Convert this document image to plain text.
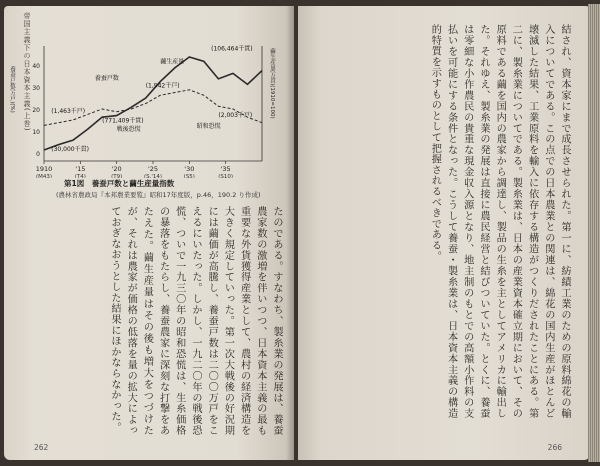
帝国主義下の日本資本主義(上巻)
1910
(M43)
'15
(T4)
'20
(T9)
'25
(S.'14)
'30
(S5)
'35
(S10)
40
30
20
10
0
養蚕戸数(万戸)(%)	繭生産量(万貫)(1910=100)
(106,464千貫)
繭生産量
養蚕戸数
(1,942千戸)
(1,463千戸)
(30,000千貫)
(771,409千貫)
(2,003千戸)
戦後恐慌	昭和恐慌
第1図　養蚕戸数と繭生産量指数
(農林省農政局『本邦農業要覧』昭和17年度版，p.46，190.2 り作成)
たのである。すなわち、製糸業の発展は、養蚕農家数の激増を伴いつつ、日本資本主義の最も重要な外貨獲得産業として、農村の経済構造を大きく規定していった。第一次大戦後の好況期には繭価が高騰し、養蚕戸数は二〇〇万戸をこえるにいたった。しかし、一九二〇年の戦後恐慌、ついで一九三〇年の昭和恐慌は、生糸価格の暴落をもたらし、養蚕農家に深刻な打撃をあたえた。繭生産量はその後も増大をつづけたが、それは農家が価格の低落を量の拡大によっておぎなおうとした結果にほかならなかった。
262
結され、資本家にまで成長させられた。第一に、紡績工業のための原料綿花の輸入についてである。この点での日本農業との関連は、綿花の国内生産がほとんど壊滅した結果、工業原料を輸入に依存する構造がつくりだされたことにある。第二に、製糸業についてである。製糸業は、日本の産業資本確立期において、その原料である繭を国内の農家から調達し、製品の生糸を主としてアメリカに輸出した。それゆえ、製糸業の発展は直接に農民経営と結びついていた。とくに、養蚕は零細な小作農民の貴重な現金収入源となり、地主制のもとでの高額小作料の支払いを可能にする条件となった。こうして養蚕・製糸業は、日本資本主義の構造的特質を示すものとして把握されるべきである。
266
